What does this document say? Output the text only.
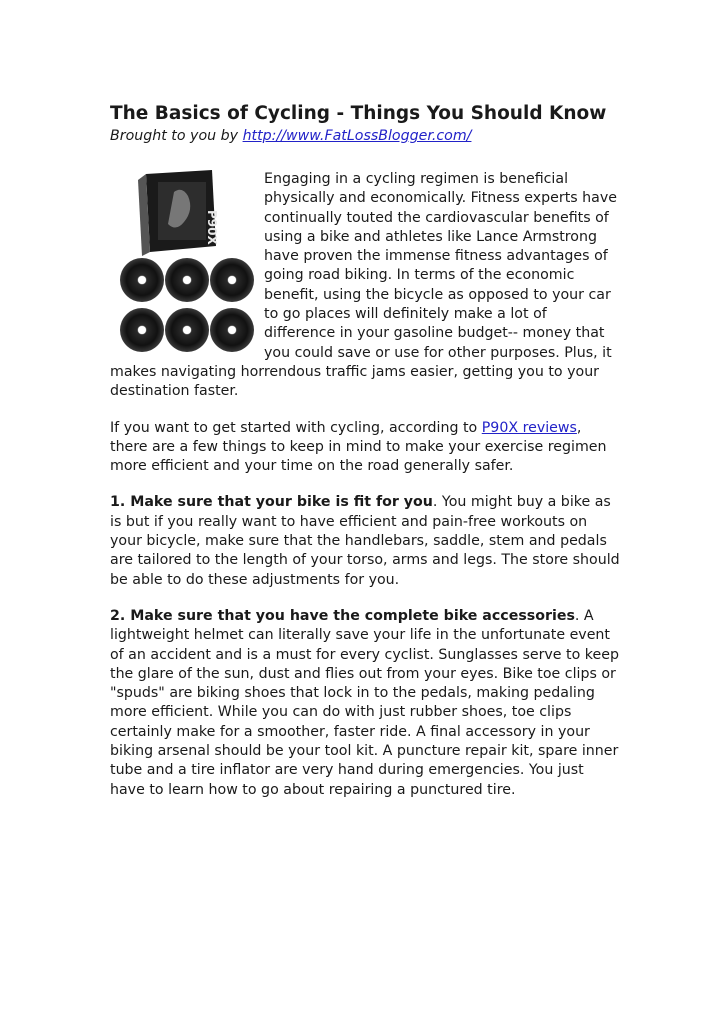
The Basics of Cycling - Things You Should Know
Brought to you by http://www.FatLossBlogger.com/
P90X

Engaging in a cycling regimen is beneficial physically and economically. Fitness experts have continually touted the cardiovascular benefits of using a bike and athletes like Lance Armstrong have proven the immense fitness advantages of going road biking. In terms of the economic benefit, using the bicycle as opposed to your car to go places will definitely make a lot of difference in your gasoline budget-- money that you could save or use for other purposes. Plus, it makes navigating horrendous traffic jams easier, getting you to your destination faster.

If you want to get started with cycling, according to P90X reviews, there are a few things to keep in mind to make your exercise regimen more efficient and your time on the road generally safer.

1. Make sure that your bike is fit for you. You might buy a bike as is but if you really want to have efficient and pain-free workouts on your bicycle, make sure that the handlebars, saddle, stem and pedals are tailored to the length of your torso, arms and legs. The store should be able to do these adjustments for you.

2. Make sure that you have the complete bike accessories. A lightweight helmet can literally save your life in the unfortunate event of an accident and is a must for every cyclist. Sunglasses serve to keep the glare of the sun, dust and flies out from your eyes. Bike toe clips or "spuds" are biking shoes that lock in to the pedals, making pedaling more efficient. While you can do with just rubber shoes, toe clips certainly make for a smoother, faster ride. A final accessory in your biking arsenal should be your tool kit. A puncture repair kit, spare inner tube and a tire inflator are very hand during emergencies. You just have to learn how to go about repairing a punctured tire.
